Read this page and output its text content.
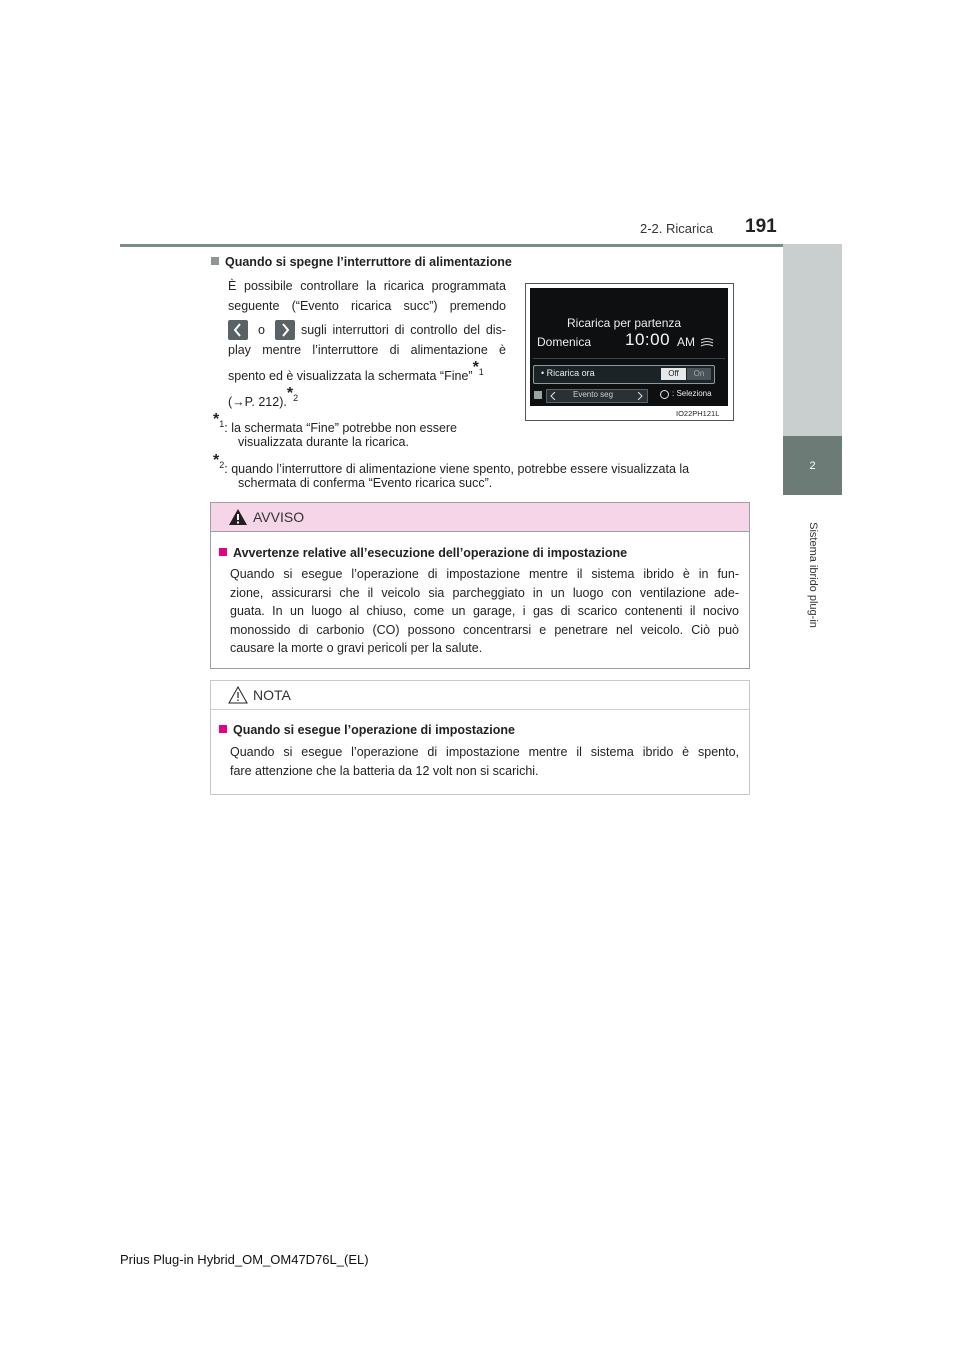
2-2. Ricarica 191
2
Sistema ibrido plug-in
Quando si spegne l’interruttore di alimentazione
È possibile controllare la ricarica programmata
seguente (“Evento ricarica succ”) premendo
o	sugli interruttori di controllo del dis-
play mentre l’interruttore di alimentazione è
spento ed è visualizzata la schermata “Fine”*$^1$
(→P. 212).*$^2$
*$^1$: la schermata “Fine” potrebbe non essere
visualizzata durante la ricarica.
*$^2$: quando l’interruttore di alimentazione viene spento, potrebbe essere visualizzata la
schermata di conferma “Evento ricarica succ”.
Ricarica per partenza
Domenica 10:00 AM
• Ricarica ora	Off	On
Evento seg	: Seleziona
IO22PH121L
AVVISO
Avvertenze relative all’esecuzione dell’operazione di impostazione
Quando si esegue l’operazione di impostazione mentre il sistema ibrido è in fun-
zione, assicurarsi che il veicolo sia parcheggiato in un luogo con ventilazione ade-
guata. In un luogo al chiuso, come un garage, i gas di scarico contenenti il nocivo
monossido di carbonio (CO) possono concentrarsi e penetrare nel veicolo. Ciò può
causare la morte o gravi pericoli per la salute.
NOTA
Quando si esegue l’operazione di impostazione
Quando si esegue l’operazione di impostazione mentre il sistema ibrido è spento,
fare attenzione che la batteria da 12 volt non si scarichi.
Prius Plug-in Hybrid_OM_OM47D76L_(EL)
